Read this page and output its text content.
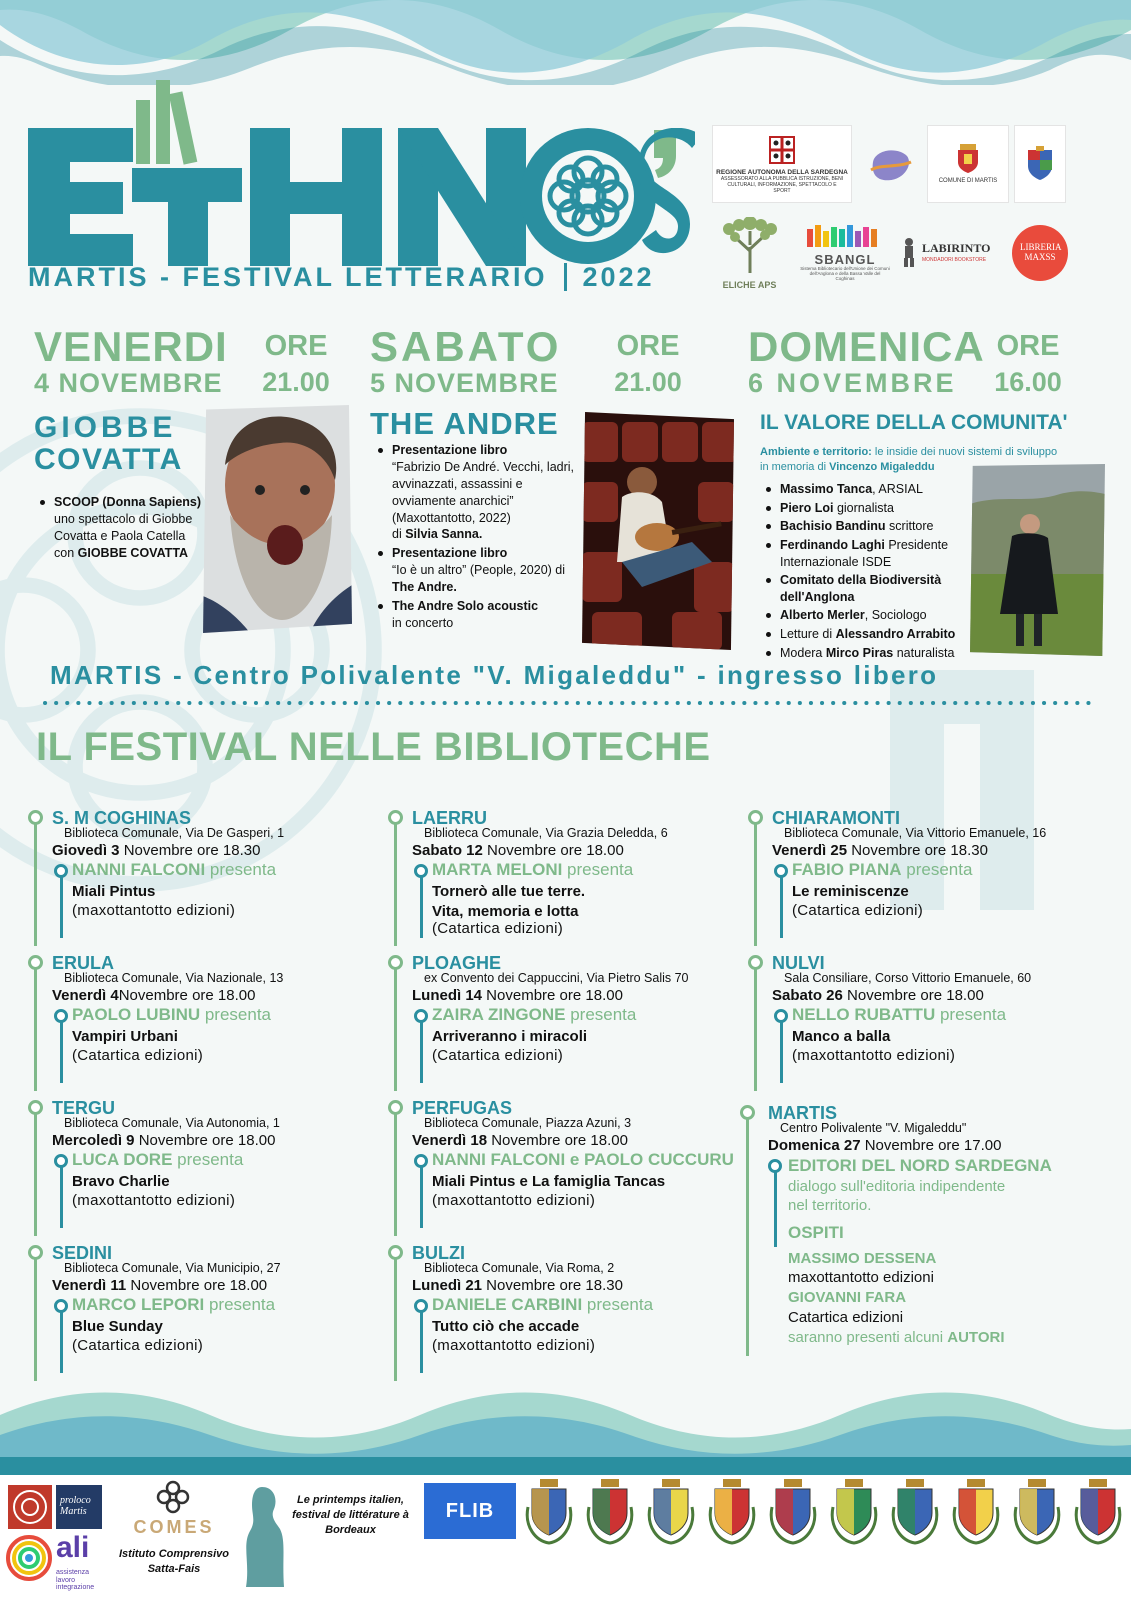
MARTIS - FESTIVAL LETTERARIO 2022
REGIONE AUTONOMA DELLA SARDEGNA
ASSESSORATO ALLA PUBBLICA ISTRUZIONE, BENI CULTURALI, INFORMAZIONE, SPETTACOLO E SPORT
COMUNE DI MARTIS
ELICHE APS
SBANGL
Sistema Bibliotecario dell'Unione dei Comuni dell'Anglona e della Bassa Valle del Coghinas
LABIRINTO
MONDADORI BOOKSTORE
LIBRERIA MAXSS
VENERDI
4 NOVEMBRE
ORE
21.00
SABATO
5 NOVEMBRE
ORE
21.00
DOMENICA
6 NOVEMBRE
ORE
16.00
GIOBBE
COVATTA
SCOOP (Donna Sapiens)
uno spettacolo di Giobbe Covatta e Paola Catella
con GIOBBE COVATTA
THE ANDRE
Presentazione libro
“Fabrizio De André. Vecchi, ladri, avvinazzati, assassini e ovviamente anarchici” (Maxottantotto, 2022)
di Silvia Sanna.
Presentazione libro
“Io è un altro” (People, 2020) di The Andre.
The Andre Solo acoustic
in concerto
IL VALORE DELLA COMUNITA'
Ambiente e territorio: le insidie dei nuovi sistemi di sviluppo
in memoria di Vincenzo Migaleddu
Massimo Tanca, ARSIAL
Piero Loi giornalista
Bachisio Bandinu scrittore
Ferdinando Laghi Presidente Internazionale ISDE
Comitato della Biodiversità dell'Anglona
Alberto Merler, Sociologo
Letture di Alessandro Arrabito
Modera Mirco Piras naturalista
MARTIS - Centro Polivalente "V. Migaleddu" - ingresso libero
IL FESTIVAL NELLE BIBLIOTECHE
S. M COGHINAS
Biblioteca Comunale, Via De Gasperi, 1
Giovedì 3 Novembre ore 18.30
NANNI FALCONI presenta
Miali Pintus
(maxottantotto edizioni)
LAERRU
Biblioteca Comunale, Via Grazia Deledda, 6
Sabato 12 Novembre ore 18.00
MARTA MELONI presenta
Tornerò alle tue terre.
Vita, memoria e lotta
(Catartica edizioni)
CHIARAMONTI
Biblioteca Comunale, Via Vittorio Emanuele, 16
Venerdì 25 Novembre ore 18.30
FABIO PIANA presenta
Le reminiscenze
(Catartica edizioni)
ERULA
Biblioteca Comunale, Via Nazionale, 13
Venerdì 4Novembre ore 18.00
PAOLO LUBINU presenta
Vampiri Urbani
(Catartica edizioni)
PLOAGHE
ex Convento dei Cappuccini, Via Pietro Salis 70
Lunedì 14 Novembre ore 18.00
ZAIRA ZINGONE presenta
Arriveranno i miracoli
(Catartica edizioni)
NULVI
Sala Consiliare, Corso Vittorio Emanuele, 60
Sabato 26 Novembre ore 18.00
NELLO RUBATTU presenta
Manco a balla
(maxottantotto edizioni)
TERGU
Biblioteca Comunale, Via Autonomia, 1
Mercoledì 9 Novembre ore 18.00
LUCA DORE presenta
Bravo Charlie
(maxottantotto edizioni)
PERFUGAS
Biblioteca Comunale, Piazza Azuni, 3
Venerdì 18 Novembre ore 18.00
NANNI FALCONI e PAOLO CUCCURU
Miali Pintus e La famiglia Tancas
(maxottantotto edizioni)
SEDINI
Biblioteca Comunale, Via Municipio, 27
Venerdì 11 Novembre ore 18.00
MARCO LEPORI presenta
Blue Sunday
(Catartica edizioni)
BULZI
Biblioteca Comunale, Via Roma, 2
Lunedì 21 Novembre ore 18.30
DANIELE CARBINI presenta
Tutto ciò che accade
(maxottantotto edizioni)
MARTIS
Centro Polivalente "V. Migaleddu"
Domenica 27 Novembre ore 17.00
EDITORI DEL NORD SARDEGNA
dialogo sull'editoria indipendente
nel territorio.
OSPITI
MASSIMO DESSENA
maxottantotto edizioni
GIOVANNI FARA
Catartica edizioni
saranno presenti alcuni AUTORI
proloco Martis
ali
assistenza lavoro integrazione
COMES
Istituto Comprensivo Satta-Fais
Le printemps italien, festival de littérature à Bordeaux
FLIB
